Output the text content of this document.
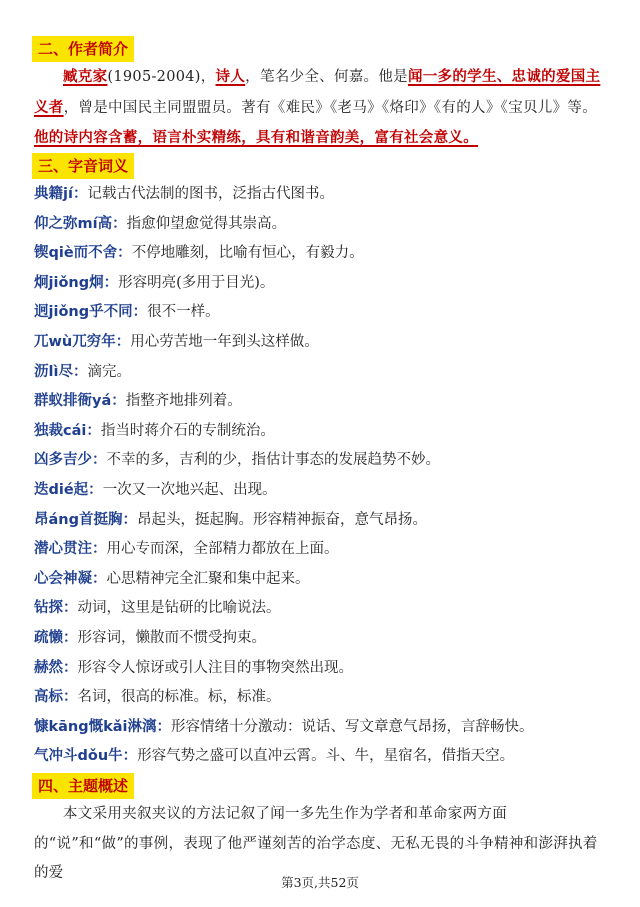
二、作者简介
臧克家(1905-2004)，诗人，笔名少全、何嘉。他是闻一多的学生、忠诚的爱国主义者，曾是中国民主同盟盟员。著有《难民》《老马》《烙印》《有的人》《宝贝儿》等。他的诗内容含蓄，语言朴实精练，具有和谐音韵美，富有社会意义。
三、字音词义
典籍jí：记载古代法制的图书，泛指古代图书。
仰之弥mí高：指愈仰望愈觉得其崇高。
锲qiè而不舍：不停地雕刻，比喻有恒心，有毅力。
炯jiǒng炯：形容明亮(多用于目光)。
迥jiǒng乎不同：很不一样。
兀wù兀穷年：用心劳苦地一年到头这样做。
沥lì尽：滴完。
群蚁排衙yá：指整齐地排列着。
独裁cái：指当时蒋介石的专制统治。
凶多吉少：不幸的多，吉利的少，指估计事态的发展趋势不妙。
迭dié起：一次又一次地兴起、出现。
昂áng首挺胸：昂起头，挺起胸。形容精神振奋，意气昂扬。
潜心贯注：用心专而深，全部精力都放在上面。
心会神凝：心思精神完全汇聚和集中起来。
钻探：动词，这里是钻研的比喻说法。
疏懒：形容词，懒散而不惯受拘束。
赫然：形容令人惊讶或引人注目的事物突然出现。
高标：名词，很高的标准。标，标准。
慷kāng慨kǎi淋漓：形容情绪十分激动：说话、写文章意气昂扬，言辞畅快。
气冲斗dǒu牛：形容气势之盛可以直冲云霄。斗、牛，星宿名，借指天空。
四、主题概述
本文采用夹叙夹议的方法记叙了闻一多先生作为学者和革命家两方面的“说”和“做”的事例，表现了他严谨刻苦的治学态度、无私无畏的斗争精神和澎湃执着的爱
第3页,共52页
